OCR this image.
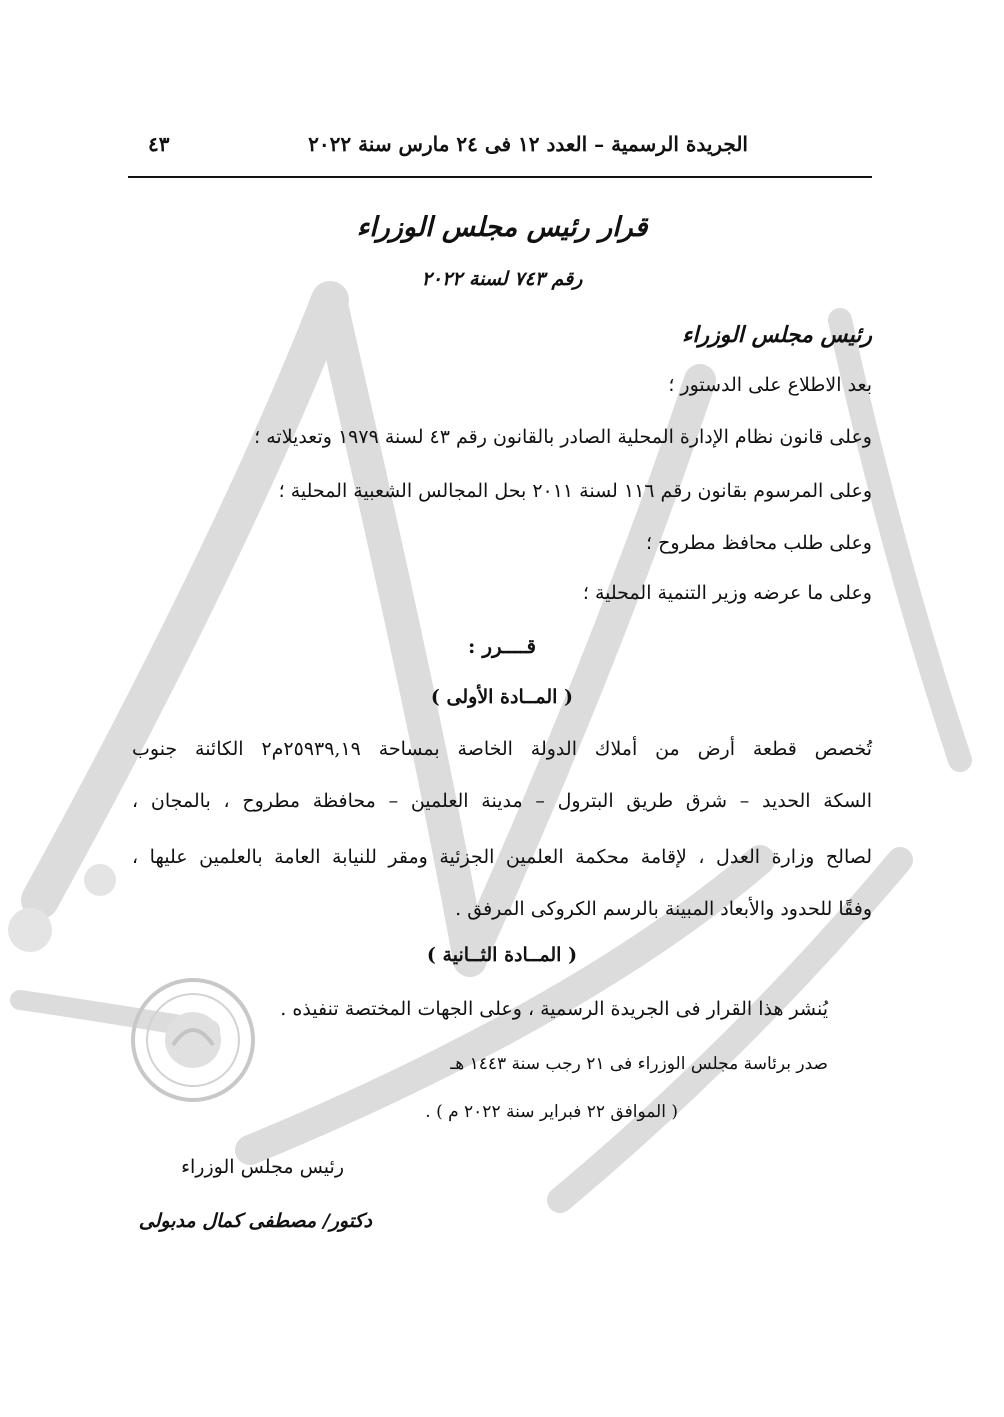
الجريدة الرسمية – العدد ١٢ فى ٢٤ مارس سنة ٢٠٢٢
٤٣
قرار رئيس مجلس الوزراء
رقم ٧٤٣ لسنة ٢٠٢٢
رئيس مجلس الوزراء
بعد الاطلاع على الدستور ؛
وعلى قانون نظام الإدارة المحلية الصادر بالقانون رقم ٤٣ لسنة ١٩٧٩ وتعديلاته ؛
وعلى المرسوم بقانون رقم ١١٦ لسنة ٢٠١١ بحل المجالس الشعبية المحلية ؛
وعلى طلب محافظ مطروح ؛
وعلى ما عرضه وزير التنمية المحلية ؛
قــــرر :
( المــادة الأولى )
تُخصص قطعة أرض من أملاك الدولة الخاصة بمساحة ٢٥٩٣٩,١٩م٢ الكائنة جنوب
السكة الحديد – شرق طريق البترول – مدينة العلمين – محافظة مطروح ، بالمجان ،
لصالح وزارة العدل ، لإقامة محكمة العلمين الجزئية ومقر للنيابة العامة بالعلمين عليها ،
وفقًا للحدود والأبعاد المبينة بالرسم الكروكى المرفق .
( المــادة الثــانية )
يُنشر هذا القرار فى الجريدة الرسمية ، وعلى الجهات المختصة تنفيذه .
صدر برئاسة مجلس الوزراء فى ٢١ رجب سنة ١٤٤٣ هـ
( الموافق ٢٢ فبراير سنة ٢٠٢٢ م ) .
رئيس مجلس الوزراء
دكتور/ مصطفى كمال مدبولى
